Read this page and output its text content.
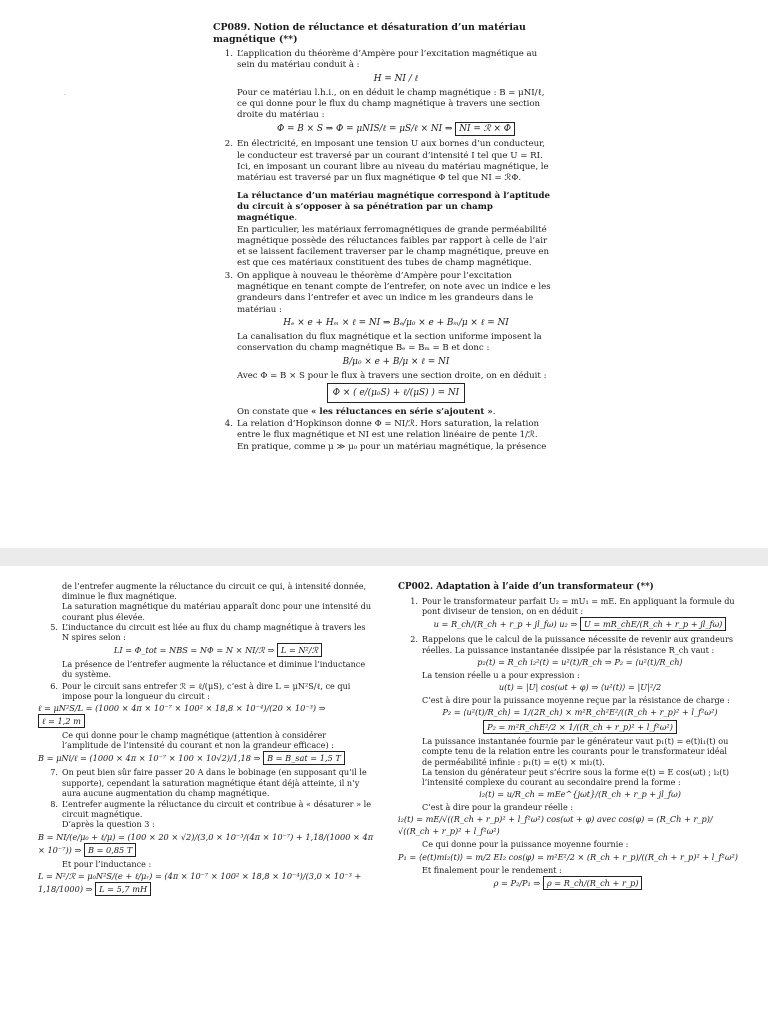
·

CP089. Notion de réluctance et désaturation d’un matériau magnétique (**)

1. L’application du théorème d’Ampère pour l’excitation magnétique au sein du matériau conduit à :

H = NI / ℓ

Pour ce matériau l.h.i., on en déduit le champ magnétique : B = μNI/ℓ, ce qui donne pour le flux du champ magnétique à travers une section droite du matériau :

Φ = B × S ⇒ Φ = μNIS/ℓ = μS/ℓ × NI ⇒ NI = ℛ × Φ
2. En électricité, en imposant une tension U aux bornes d’un conducteur, le conducteur est traversé par un courant d’intensité I tel que U = RI.

Ici, en imposant un courant libre au niveau du matériau magnétique, le matériau est traversé par un flux magnétique Φ tel que NI = ℛΦ.

La réluctance d’un matériau magnétique correspond à l’aptitude du circuit à s’opposer à sa pénétration par un champ magnétique.

En particulier, les matériaux ferromagnétiques de grande perméabilité magnétique possède des réluctances faibles par rapport à celle de l’air et se laissent facilement traverser par le champ magnétique, preuve en est que ces matériaux constituent des tubes de champ magnétique.

3. On applique à nouveau le théorème d’Ampère pour l’excitation magnétique en tenant compte de l’entrefer, on note avec un indice e les grandeurs dans l’entrefer et avec un indice m les grandeurs dans le matériau :

Hₑ × e + Hₘ × ℓ = NI ⇒ Bₑ/μ₀ × e + Bₘ/μ × ℓ = NI

La canalisation du flux magnétique et la section uniforme imposent la conservation du champ magnétique Bₑ = Bₘ = B et donc :

B/μ₀ × e + B/μ × ℓ = NI

Avec Φ = B × S pour le flux à travers une section droite, on en déduit :

Φ × ( e/(μ₀S) + ℓ/(μS) ) = NI

On constate que « les réluctances en série s’ajoutent ».

4. La relation d’Hopkinson donne Φ = NI/ℛ. Hors saturation, la relation entre le flux magnétique et NI est une relation linéaire de pente 1/ℛ.

En pratique, comme μ ≫ μ₀ pour un matériau magnétique, la présence

de l’entrefer augmente la réluctance du circuit ce qui, à intensité donnée, diminue le flux magnétique.

La saturation magnétique du matériau apparaît donc pour une intensité du courant plus élevée.

5. L’inductance du circuit est liée au flux du champ magnétique à travers les N spires selon :

LI = Φ_tot = NBS = NΦ = N × NI/ℛ ⇒ L = N²/ℛ

La présence de l’entrefer augmente la réluctance et diminue l’inductance du système.

6. Pour le circuit sans entrefer ℛ = ℓ/(μS), c’est à dire L = μN²S/ℓ, ce qui impose pour la longueur du circuit :

ℓ = μN²S/L = (1000 × 4π × 10⁻⁷ × 100² × 18,8 × 10⁻⁴)/(20 × 10⁻³) ⇒ ℓ = 1,2 m

Ce qui donne pour le champ magnétique (attention à considérer l’amplitude de l’intensité du courant et non la grandeur efficace) :

B = μNi/ℓ = (1000 × 4π × 10⁻⁷ × 100 × 10√2)/1,18 ⇒ B = B_sat = 1,5 T
7. On peut bien sûr faire passer 20 A dans le bobinage (en supposant qu’il le supporte), cependant la saturation magnétique étant déjà atteinte, il n’y aura aucune augmentation du champ magnétique.

8. L’entrefer augmente la réluctance du circuit et contribue à « désaturer » le circuit magnétique.

D’après la question 3 :

B = NI/(e/μ₀ + ℓ/μ) = (100 × 20 × √2)/(3,0 × 10⁻³/(4π × 10⁻⁷) + 1,18/(1000 × 4π × 10⁻⁷)) ⇒ B = 0,85 T

Et pour l’inductance :

L = N²/ℛ = μ₀N²S/(e + ℓ/μᵣ) = (4π × 10⁻⁷ × 100² × 18,8 × 10⁻⁴)/(3,0 × 10⁻³ + 1,18/1000) ⇒ L = 5,7 mH

CP002. Adaptation à l’aide d’un transformateur (**)

1. Pour le transformateur parfait U₂ = mU₁ = mE. En appliquant la formule du pont diviseur de tension, on en déduit :

u = R_ch/(R_ch + r_p + jl_fω) u₂ ⇒ U = mR_chE/(R_ch + r_p + jl_fω)
2. Rappelons que le calcul de la puissance nécessite de revenir aux grandeurs réelles. La puissance instantanée dissipée par la résistance R_ch vaut :

p₂(t) = R_ch i₂²(t) = u²(t)/R_ch ⇒ P₂ = ⟨u²(t)/R_ch⟩

La tension réelle u a pour expression :

u(t) = |U| cos(ωt + φ) ⇒ ⟨u²(t)⟩ = |U|²/2

C’est à dire pour la puissance moyenne reçue par la résistance de charge :

P₂ = ⟨u²(t)/R_ch⟩ = 1/(2R_ch) × m²R_ch²E²/((R_ch + r_p)² + l_f²ω²)
P₂ = m²R_chE²/2 × 1/((R_ch + r_p)² + l_f²ω²)

La puissance instantanée fournie par le générateur vaut p₁(t) = e(t)i₁(t) ou compte tenu de la relation entre les courants pour le transformateur idéal de perméabilité infinie : p₁(t) = e(t) × mi₂(t).

La tension du générateur peut s’écrire sous la forme e(t) = E cos(ωt) ; i₂(t) l’intensité complexe du courant au secondaire prend la forme :

i₂(t) = u/R_ch = mEe^{jωt}/(R_ch + r_p + jl_fω)

C’est à dire pour la grandeur réelle :

i₂(t) = mE/√((R_ch + r_p)² + l_f²ω²) cos(ωt + φ) avec cos(φ) = (R_Ch + r_p)/√((R_ch + r_p)² + l_f²ω²)

Ce qui donne pour la puissance moyenne fournie :

P₁ = ⟨e(t)mi₂(t)⟩ = m/2 EI₂ cos(φ) = m²E²/2 × (R_ch + r_p)/((R_ch + r_p)² + l_f²ω²)

Et finalement pour le rendement :

ρ = P₂/P₁ ⇒ ρ = R_ch/(R_ch + r_p)
